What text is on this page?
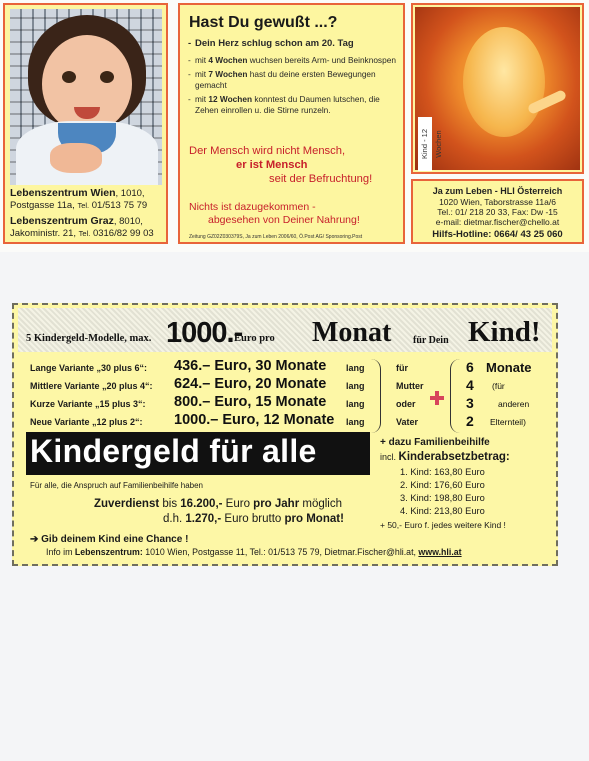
Lebenszentrum Wien, 1010,
Postgasse 11a, Tel. 01/513 75 79
Lebenszentrum Graz, 8010,
Jakoministr. 21, Tel. 0316/82 99 03
Hast Du gewußt ...?
- Dein Herz schlug schon am 20. Tag
- mit 4 Wochen wuchsen bereits Arm- und Beinknospen
- mit 7 Wochen hast du deine ersten Bewegungen gemacht
- mit 12 Wochen konntest du Daumen lutschen, die Zehen einrollen u. die Stirne runzeln.
Der Mensch wird nicht Mensch,
er ist Mensch
seit der Befruchtung!
Nichts ist dazugekommen -
abgesehen von Deiner Nahrung!
Zeitung GZ02Z030379S, Ja zum Leben 2006/60, Ö.Post AG/ Sponsoring.Post
Kind - 12 Wochen
Ja zum Leben - HLI Österreich
1020 Wien, Taborstrasse 11a/6
Tel.: 01/ 218 20 33, Fax: Dw -15
e-mail: dietmar.fischer@chello.at
Hilfs-Hotline: 0664/ 43 25 060
5 Kindergeld-Modelle, max. 1000.-
Euro pro Monat für Dein Kind!
Lange Variante „30 plus 6“: 436.– Euro, 30 Monate lang
Mittlere Variante „20 plus 4“: 624.– Euro, 20 Monate lang
Kurze Variante „15 plus 3“: 800.– Euro, 15 Monate lang
Neue Variante „12 plus 2“: 1000.– Euro, 12 Monate lang
für
Mutter
oder
Vater
6 Monate
4 (für
3	anderen
2 Elternteil)
Kindergeld für alle	+ dazu Familienbeihilfe
incl. Kinderabsetzbetrag:
1. Kind: 163,80 Euro
2. Kind: 176,60 Euro
3. Kind: 198,80 Euro
4. Kind: 213,80 Euro
+ 50,- Euro f. jedes weitere Kind !
Für alle, die Anspruch auf Familienbeihilfe haben
Zuverdienst bis 16.200,- Euro pro Jahr möglich
d.h. 1.270,- Euro brutto pro Monat!
➔ Gib deinem Kind eine Chance !
Info im Lebenszentrum: 1010 Wien, Postgasse 11, Tel.: 01/513 75 79, Dietmar.Fischer@hli.at, www.hli.at
